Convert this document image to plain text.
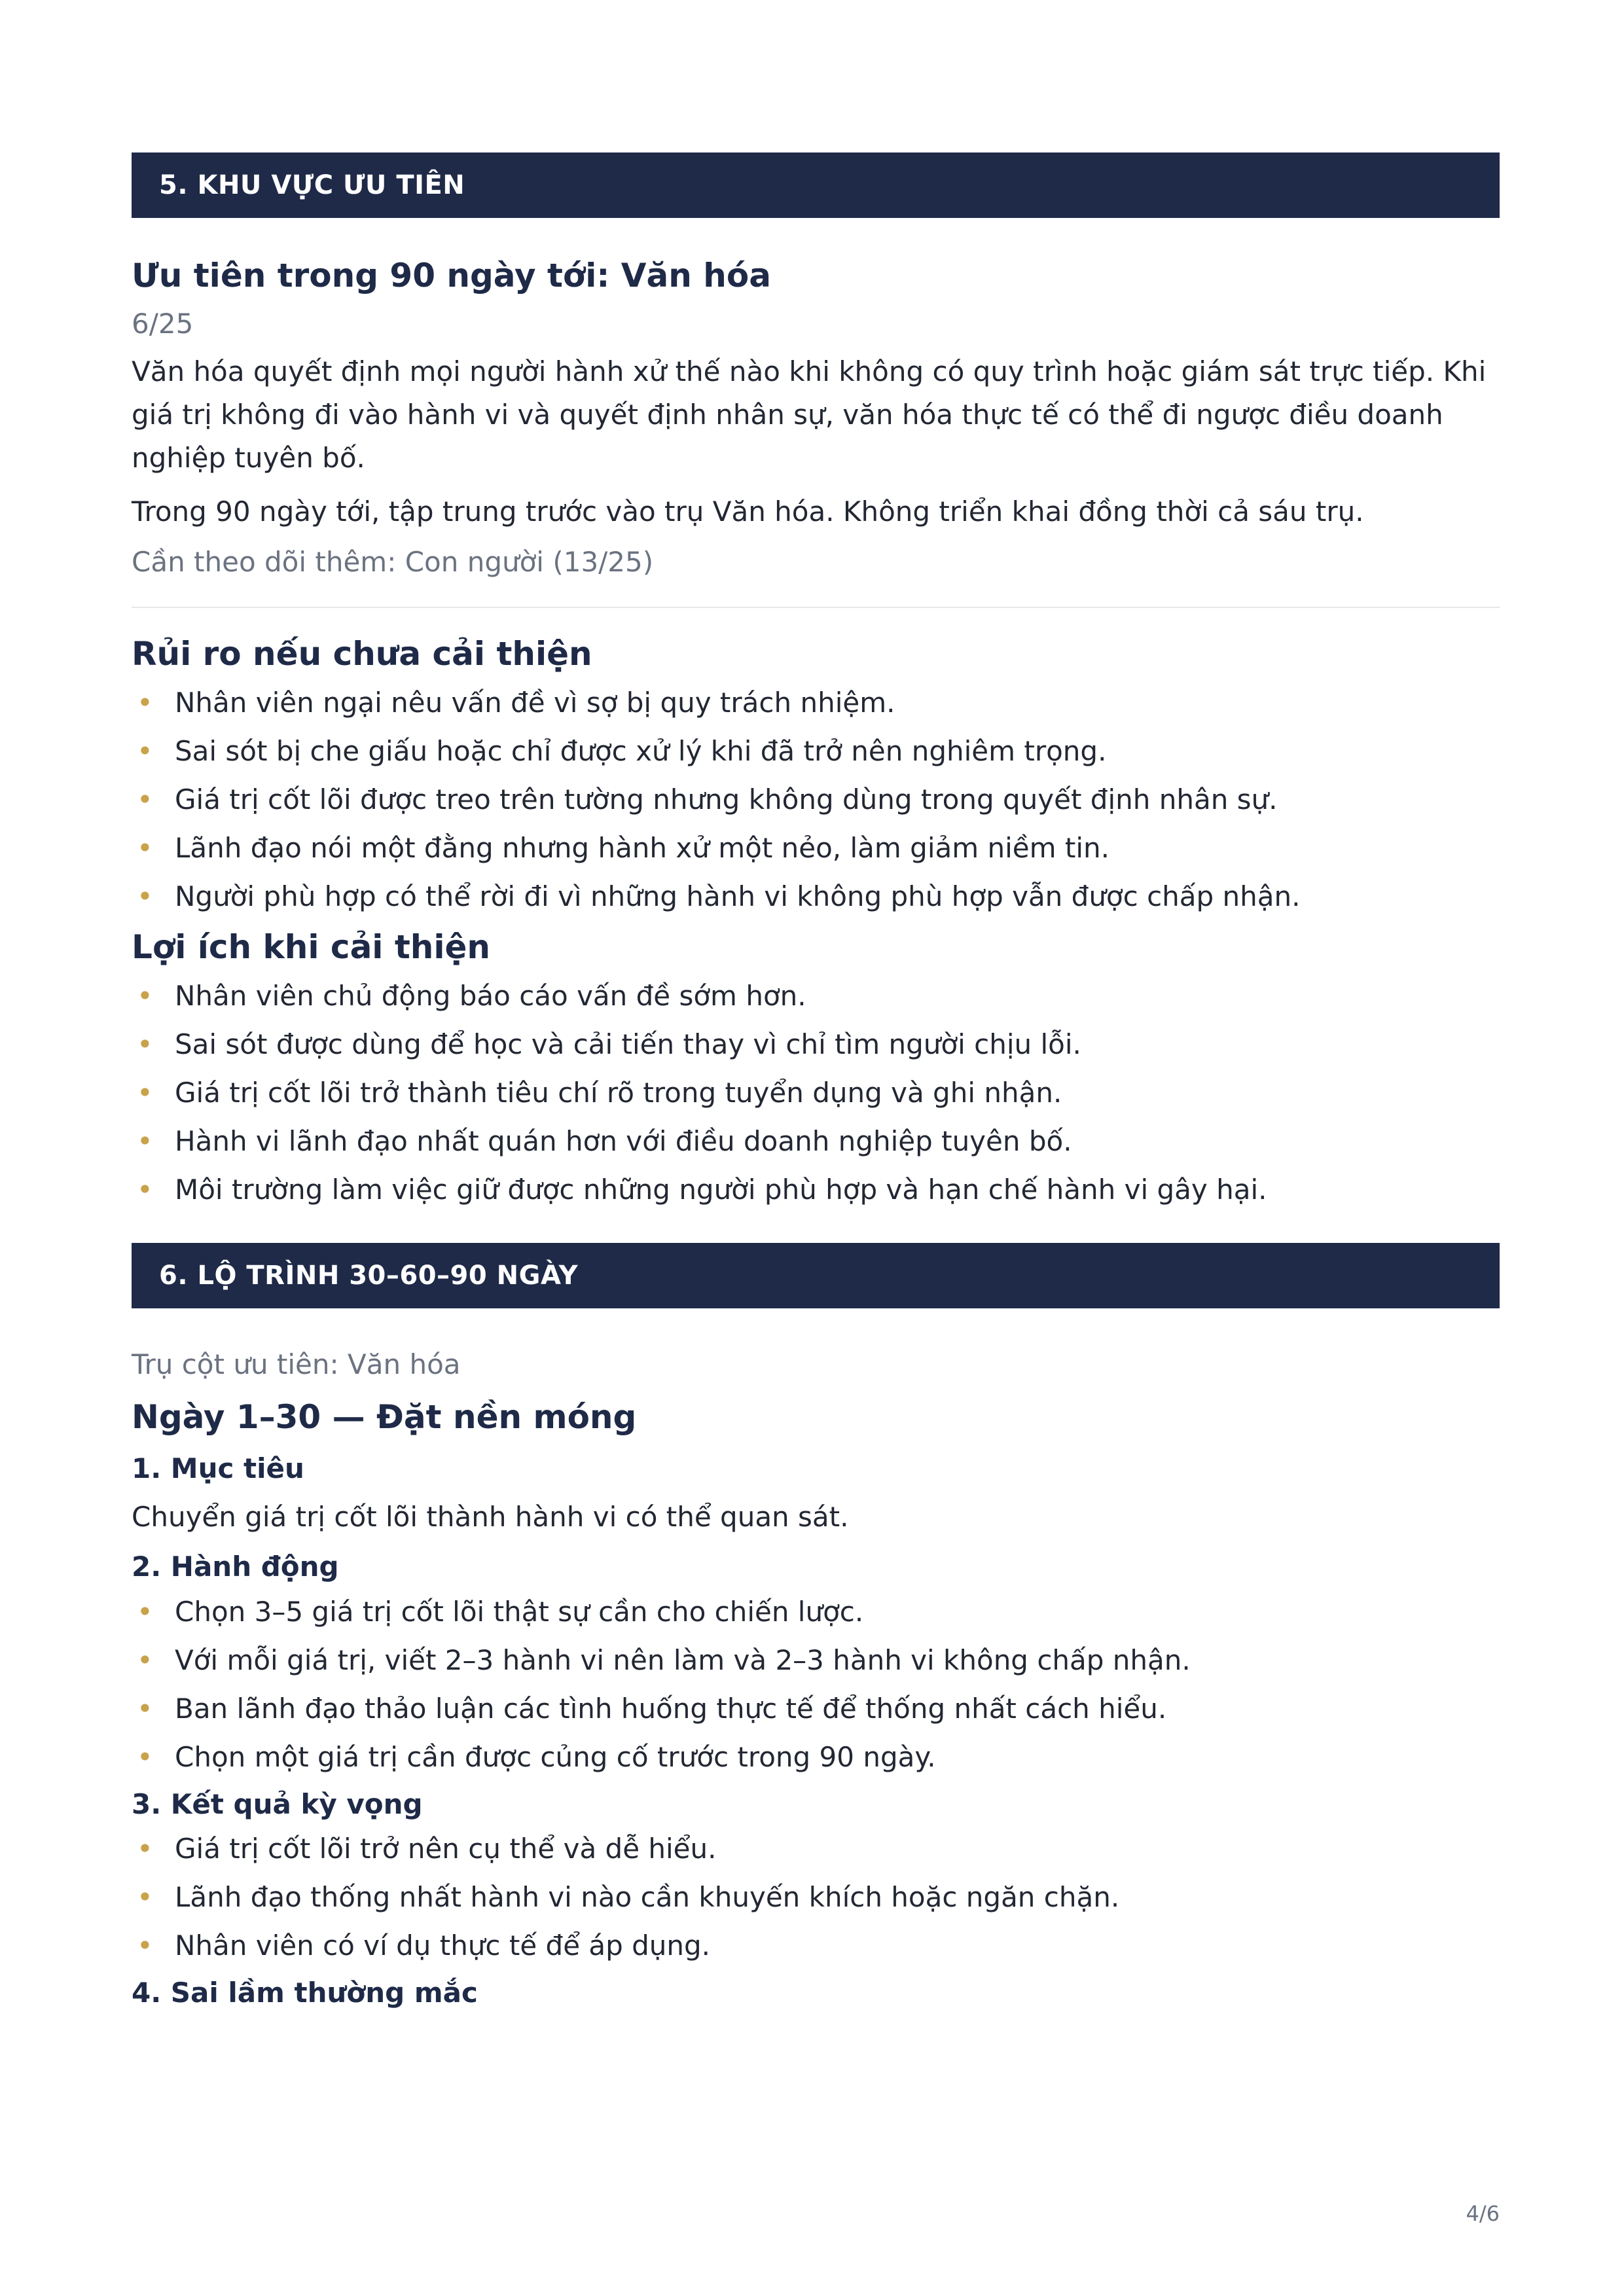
5. KHU VỰC ƯU TIÊN
Ưu tiên trong 90 ngày tới: Văn hóa

6/25

Văn hóa quyết định mọi người hành xử thế nào khi không có quy trình hoặc giám sát trực tiếp. Khi giá trị không đi vào hành vi và quyết định nhân sự, văn hóa thực tế có thể đi ngược điều doanh nghiệp tuyên bố.

Trong 90 ngày tới, tập trung trước vào trụ Văn hóa. Không triển khai đồng thời cả sáu trụ.

Cần theo dõi thêm: Con người (13/25)

Rủi ro nếu chưa cải thiện
• Nhân viên ngại nêu vấn đề vì sợ bị quy trách nhiệm.
• Sai sót bị che giấu hoặc chỉ được xử lý khi đã trở nên nghiêm trọng.
• Giá trị cốt lõi được treo trên tường nhưng không dùng trong quyết định nhân sự.
• Lãnh đạo nói một đằng nhưng hành xử một nẻo, làm giảm niềm tin.
• Người phù hợp có thể rời đi vì những hành vi không phù hợp vẫn được chấp nhận.
Lợi ích khi cải thiện
• Nhân viên chủ động báo cáo vấn đề sớm hơn.
• Sai sót được dùng để học và cải tiến thay vì chỉ tìm người chịu lỗi.
• Giá trị cốt lõi trở thành tiêu chí rõ trong tuyển dụng và ghi nhận.
• Hành vi lãnh đạo nhất quán hơn với điều doanh nghiệp tuyên bố.
• Môi trường làm việc giữ được những người phù hợp và hạn chế hành vi gây hại.
6. LỘ TRÌNH 30–60–90 NGÀY

Trụ cột ưu tiên: Văn hóa

Ngày 1–30 — Đặt nền móng
1. Mục tiêu

Chuyển giá trị cốt lõi thành hành vi có thể quan sát.

2. Hành động
• Chọn 3–5 giá trị cốt lõi thật sự cần cho chiến lược.
• Với mỗi giá trị, viết 2–3 hành vi nên làm và 2–3 hành vi không chấp nhận.
• Ban lãnh đạo thảo luận các tình huống thực tế để thống nhất cách hiểu.
• Chọn một giá trị cần được củng cố trước trong 90 ngày.
3. Kết quả kỳ vọng
• Giá trị cốt lõi trở nên cụ thể và dễ hiểu.
• Lãnh đạo thống nhất hành vi nào cần khuyến khích hoặc ngăn chặn.
• Nhân viên có ví dụ thực tế để áp dụng.
4. Sai lầm thường mắc
4/6
